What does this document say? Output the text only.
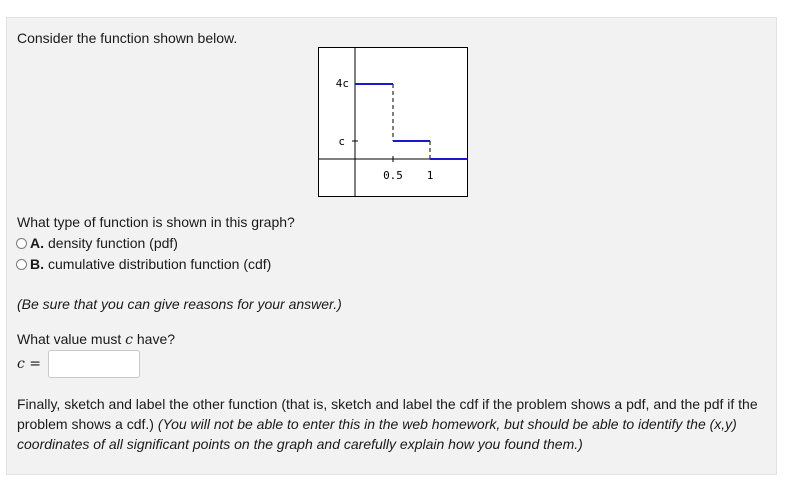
Consider the function shown below.
4c
c
0.5 1
What type of function is shown in this graph?
A. density function (pdf)
B. cumulative distribution function (cdf)
(Be sure that you can give reasons for your answer.)
What value must c have?
c =
Finally, sketch and label the other function (that is, sketch and label the cdf if the problem shows a pdf, and the pdf if the problem shows a cdf.) (You will not be able to enter this in the web homework, but should be able to identify the (x,y) coordinates of all significant points on the graph and carefully explain how you found them.)
